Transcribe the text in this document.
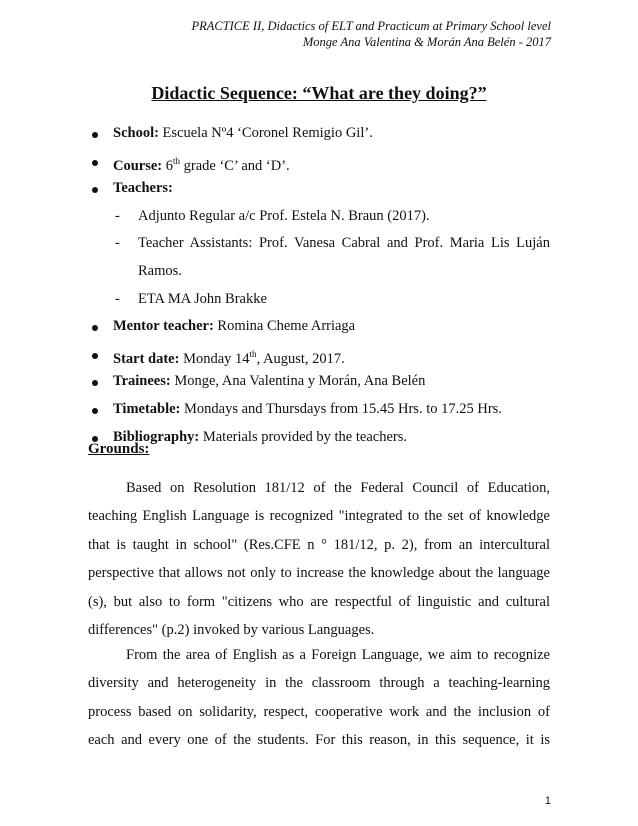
PRACTICE II, Didactics of ELT and Practicum at Primary School level
Monge Ana Valentina & Morán Ana Belén - 2017
Didactic Sequence: “What are they doing?”
School: Escuela Nº4 ‘Coronel Remigio Gil’.
Course: 6th grade ‘C’ and ‘D’.
Teachers:
- Adjunto Regular a/c Prof. Estela N. Braun (2017).
- Teacher Assistants: Prof. Vanesa Cabral and Prof. Maria Lis Luján
Ramos.
- ETA MA John Brakke
Mentor teacher: Romina Cheme Arriaga
Start date: Monday 14th, August, 2017.
Trainees: Monge, Ana Valentina y Morán, Ana Belén
Timetable: Mondays and Thursdays from 15.45 Hrs. to 17.25 Hrs.
Bibliography: Materials provided by the teachers.
Grounds:
Based on Resolution 181/12 of the Federal Council of Education,
teaching English Language is recognized "integrated to the set of knowledge
that is taught in school" (Res.CFE n ° 181/12, p. 2), from an intercultural
perspective that allows not only to increase the knowledge about the language
(s), but also to form "citizens who are respectful of linguistic and cultural
differences" (p.2) invoked by various Languages.
From the area of English as a Foreign Language, we aim to recognize
diversity and heterogeneity in the classroom through a teaching-learning
process based on solidarity, respect, cooperative work and the inclusion of
each and every one of the students. For this reason, in this sequence, it is
1
